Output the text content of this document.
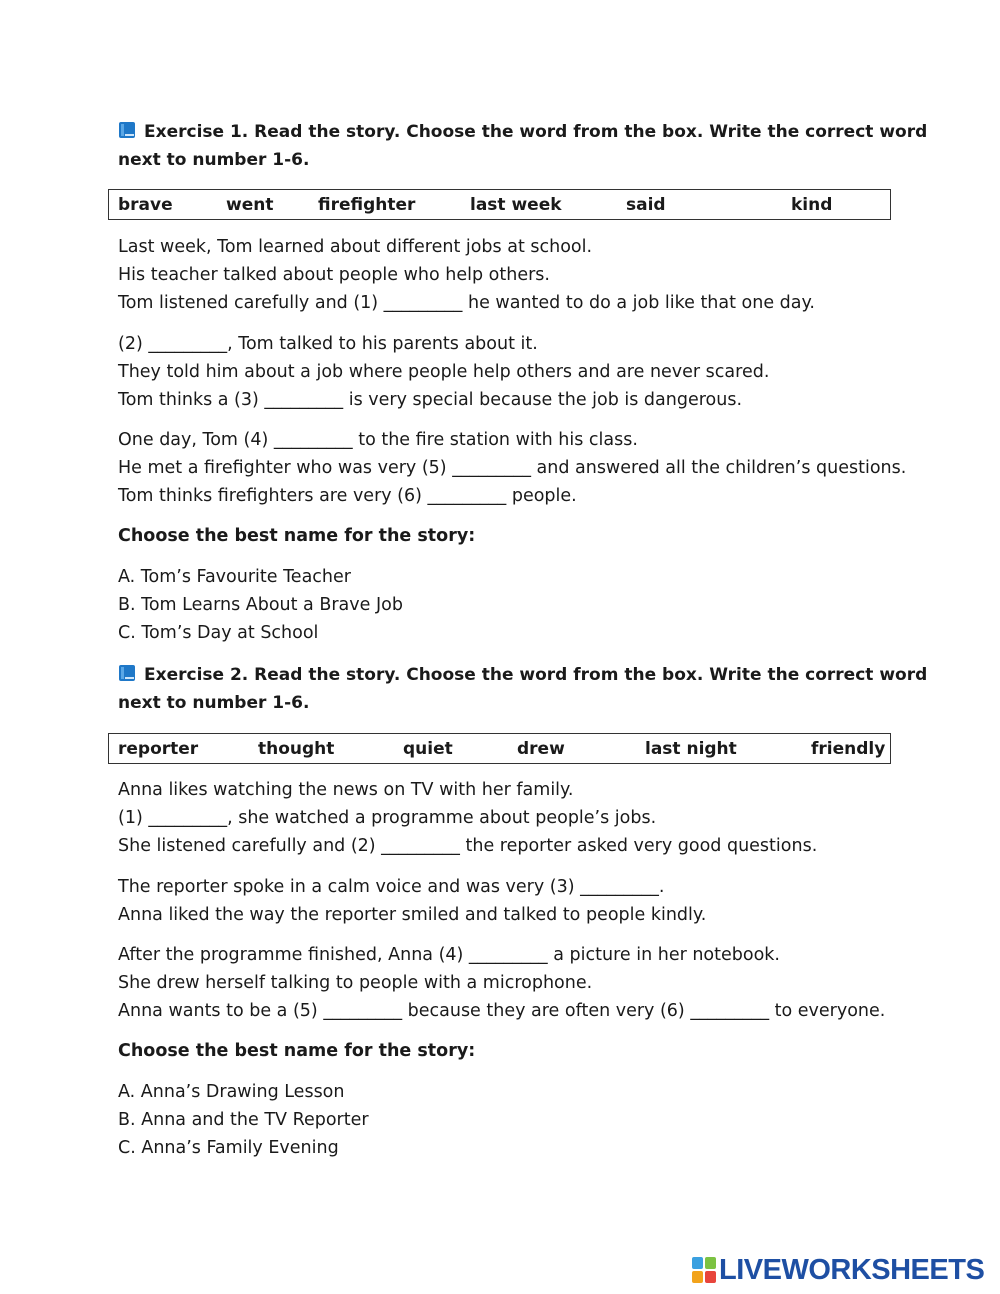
Exercise 1. Read the story. Choose the word from the box. Write the correct word
next to number 1-6.
brave	went	firefighter	last week	said	kind
Last week, Tom learned about different jobs at school.
His teacher talked about people who help others.
Tom listened carefully and (1) _________ he wanted to do a job like that one day.
(2) _________, Tom talked to his parents about it.
They told him about a job where people help others and are never scared.
Tom thinks a (3) _________ is very special because the job is dangerous.
One day, Tom (4) _________ to the fire station with his class.
He met a firefighter who was very (5) _________ and answered all the children’s questions.
Tom thinks firefighters are very (6) _________ people.
Choose the best name for the story:
A. Tom’s Favourite Teacher
B. Tom Learns About a Brave Job
C. Tom’s Day at School
Exercise 2. Read the story. Choose the word from the box. Write the correct word
next to number 1-6.
reporter	thought	quiet	drew	last night	friendly
Anna likes watching the news on TV with her family.
(1) _________, she watched a programme about people’s jobs.
She listened carefully and (2) _________ the reporter asked very good questions.
The reporter spoke in a calm voice and was very (3) _________.
Anna liked the way the reporter smiled and talked to people kindly.
After the programme finished, Anna (4) _________ a picture in her notebook.
She drew herself talking to people with a microphone.
Anna wants to be a (5) _________ because they are often very (6) _________ to everyone.
Choose the best name for the story:
A. Anna’s Drawing Lesson
B. Anna and the TV Reporter
C. Anna’s Family Evening
LIVEWORKSHEETS
